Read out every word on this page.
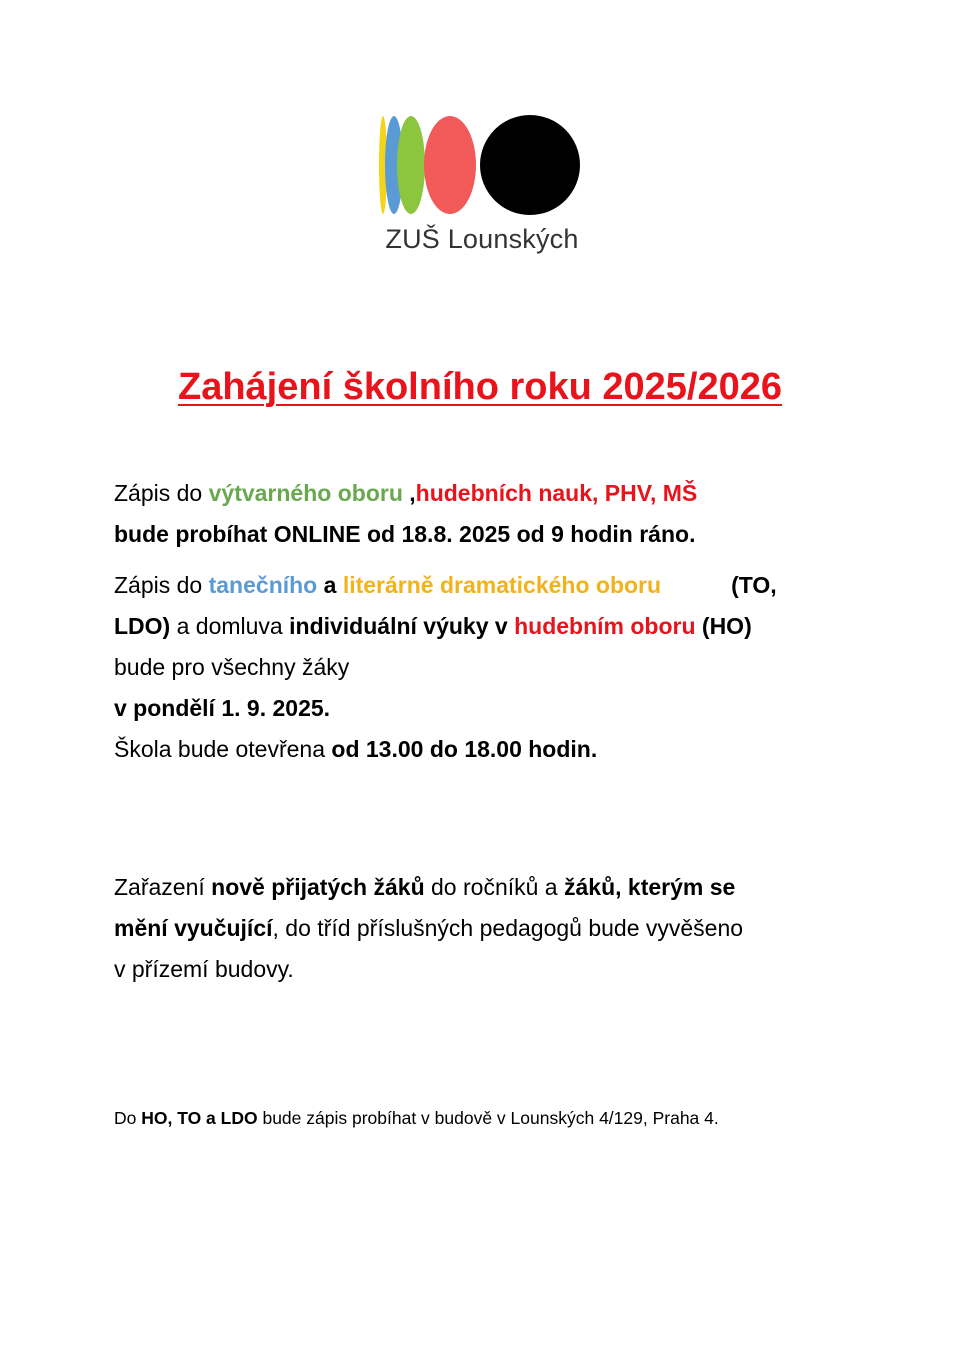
ZUŠ Lounských
Zahájení školního roku 2025/2026
Zápis do výtvarného oboru ,hudebních nauk, PHV, MŠ
bude probíhat ONLINE od 18.8. 2025 od 9 hodin ráno.
Zápis do tanečního a literárně dramatického oboru	(TO,
LDO) a domluva individuální výuky v hudebním oboru (HO)
bude pro všechny žáky
v pondělí 1. 9. 2025.
Škola bude otevřena od 13.00 do 18.00 hodin.
Zařazení nově přijatých žáků do ročníků a žáků, kterým se
mění vyučující, do tříd příslušných pedagogů bude vyvěšeno
v přízemí budovy.
Do HO, TO a LDO bude zápis probíhat v budově v Lounských 4/129, Praha 4.
